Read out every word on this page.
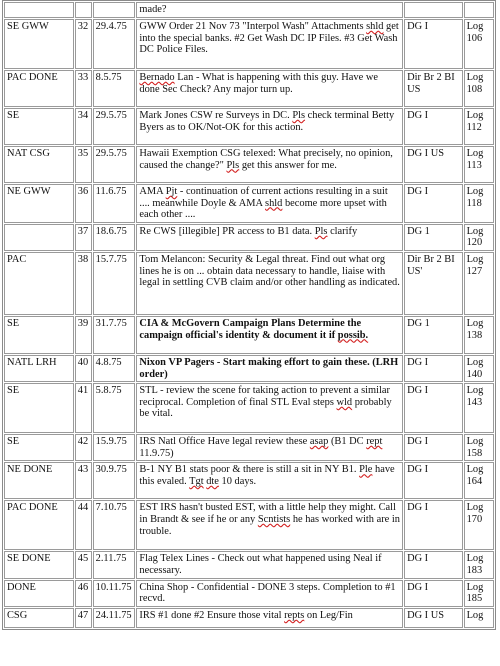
			made?		
SE GWW	32	29.4.75	GWW Order 21 Nov 73 "Interpol Wash" Attachments shld get into the special banks. #2 Get Wash DC IP Files. #3 Get Wash DC Police Files.	DG I	Log 106
PAC DONE	33	8.5.75	Bernado Lan - What is happening with this guy. Have we done Sec Check? Any major turn up.	Dir Br 2 BI US	Log 108
SE	34	29.5.75	Mark Jones CSW re Surveys in DC. Pls check terminal Betty Byers as to OK/Not-OK for this action.	DG I	Log 112
NAT CSG	35	29.5.75	Hawaii Exemption CSG telexed: What precisely, no opinion, caused the change?" Pls get this answer for me.	DG I US	Log 113
NE GWW	36	11.6.75	AMA Pjt - continuation of current actions resulting in a suit .... meanwhile Doyle & AMA shld become more upset with each other ....	DG I	Log 118
	37	18.6.75	Re CWS [illegible] PR access to B1 data. Pls clarify	DG 1	Log 120
PAC	38	15.7.75	Tom Melancon: Security & Legal threat. Find out what org lines he is on ... obtain data necessary to handle, liaise with legal in settling CVB claim and/or other handling as indicated.	Dir Br 2 BI US'	Log 127
SE	39	31.7.75	CIA & McGovern Campaign Plans Determine the campaign official's identity & document it if possib.	DG 1	Log 138
NATL LRH	40	4.8.75	Nixon VP Pagers - Start making effort to gain these. (LRH order)	DG I	Log 140
SE	41	5.8.75	STL - review the scene for taking action to prevent a similar reciprocal. Completion of final STL Eval steps wld probably be vital.	DG I	Log 143
SE	42	15.9.75	IRS Natl Office Have legal review these asap (B1 DC rept 11.9.75)	DG I	Log 158
NE DONE	43	30.9.75	B-1 NY B1 stats poor & there is still a sit in NY B1. Ple have this evaled. Tgt dte 10 days.	DG I	Log 164
PAC DONE	44	7.10.75	EST IRS hasn't busted EST, with a little help they might. Call in Brandt & see if he or any Scntists he has worked with are in trouble.	DG I	Log 170
SE DONE	45	2.11.75	Flag Telex Lines - Check out what happened using Neal if necessary.	DG I	Log 183
DONE	46	10.11.75	China Shop - Confidential - DONE 3 steps. Completion to #1 recvd.	DG I	Log 185
CSG	47	24.11.75	IRS #1 done #2 Ensure those vital repts on Leg/Fin	DG I US	Log
